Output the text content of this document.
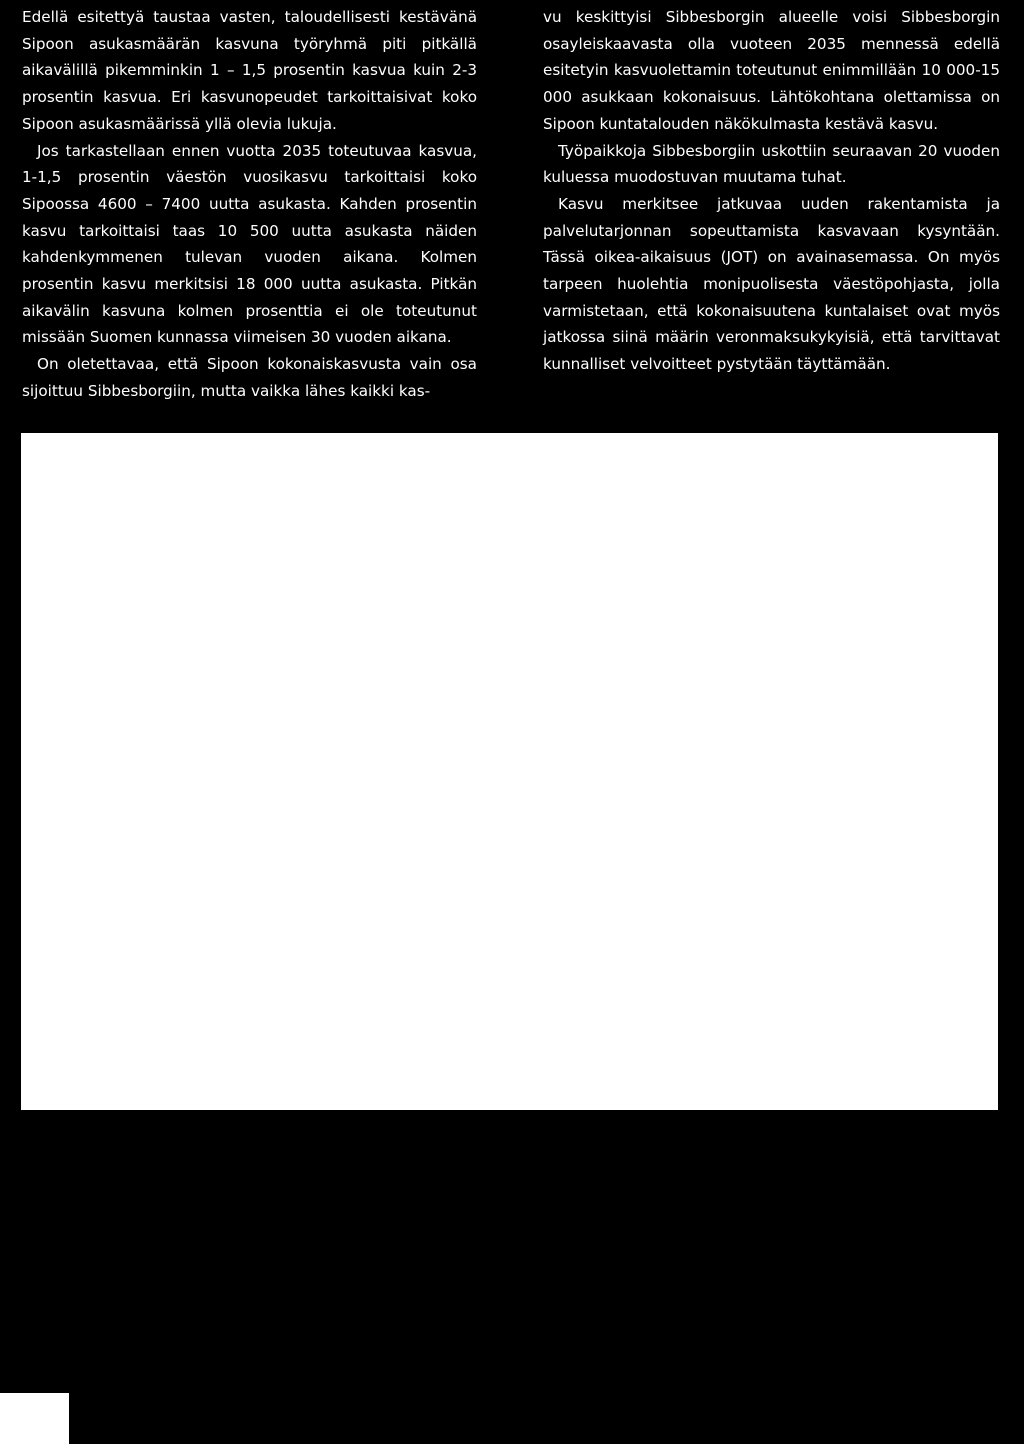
Edellä esitettyä taustaa vasten, taloudellisesti kestävänä Sipoon asukasmäärän kasvuna työryhmä piti pitkällä aikavälillä pikemminkin 1 – 1,5 prosentin kasvua kuin 2-3 prosentin kasvua. Eri kasvunopeudet tarkoittaisivat koko Sipoon asukasmäärissä yllä olevia lukuja.

Jos tarkastellaan ennen vuotta 2035 toteutuvaa kasvua, 1-1,5 prosentin väestön vuosikasvu tarkoittaisi koko Sipoossa 4600 – 7400 uutta asukasta. Kahden prosentin kasvu tarkoittaisi taas 10 500 uutta asukasta näiden kahdenkymmenen tulevan vuoden aikana. Kolmen prosentin kasvu merkitsisi 18 000 uutta asukasta. Pitkän aikavälin kasvuna kolmen prosenttia ei ole toteutunut missään Suomen kunnassa viimeisen 30 vuoden aikana.

On oletettavaa, että Sipoon kokonaiskasvusta vain osa sijoittuu Sibbesborgiin, mutta vaikka lähes kaikki kas-

vu keskittyisi Sibbesborgin alueelle voisi Sibbesborgin osayleiskaavasta olla vuoteen 2035 mennessä edellä esitetyin kasvuolettamin toteutunut enimmillään 10 000-15 000 asukkaan kokonaisuus. Lähtökohtana olettamissa on Sipoon kuntatalouden näkökulmasta kestävä kasvu.

Työpaikkoja Sibbesborgiin uskottiin seuraavan 20 vuoden kuluessa muodostuvan muutama tuhat.

Kasvu merkitsee jatkuvaa uuden rakentamista ja palvelutarjonnan sopeuttamista kasvavaan kysyntään. Tässä oikea-aikaisuus (JOT) on avainasemassa. On myös tarpeen huolehtia monipuolisesta väestöpohjasta, jolla varmistetaan, että kokonaisuutena kuntalaiset ovat myös jatkossa siinä määrin veronmaksukykyisiä, että tarvittavat kunnalliset velvoitteet pystytään täyttämään.
